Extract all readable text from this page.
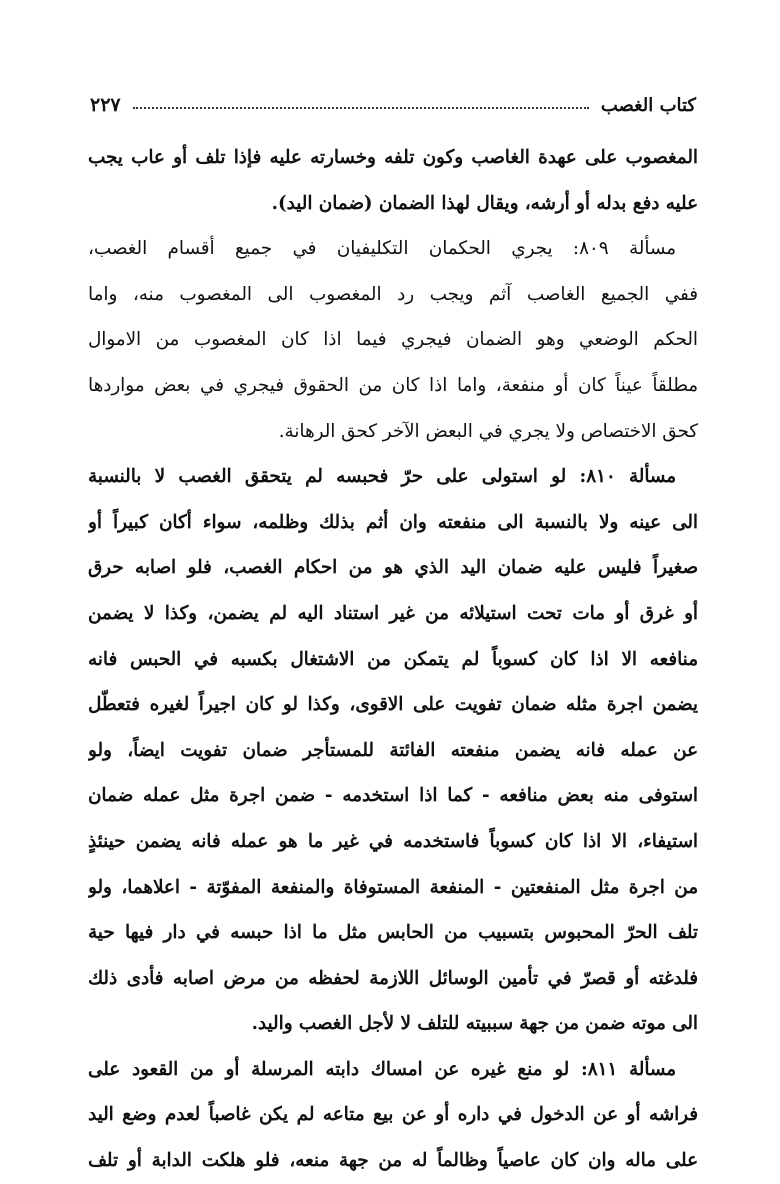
كتاب الغصب
٢٢٧
المغصوب على عهدة الغاصب وكون تلفه وخسارته عليه فإذا تلف أو عاب يجب
عليه دفع بدله أو أرشه، ويقال لهذا الضمان (ضمان اليد).
مسألة ٨٠٩: يجري الحكمان التكليفيان في جميع أقسام الغصب،
ففي الجميع الغاصب آثم ويجب رد المغصوب الى المغصوب منه، واما
الحكم الوضعي وهو الضمان فيجري فيما اذا كان المغصوب من الاموال
مطلقاً عيناً كان أو منفعة، واما اذا كان من الحقوق فيجري في بعض مواردها
كحق الاختصاص ولا يجري في البعض الآخر كحق الرهانة.
مسألة ٨١٠: لو استولى على حرّ فحبسه لم يتحقق الغصب لا بالنسبة
الى عينه ولا بالنسبة الى منفعته وان أثم بذلك وظلمه، سواء أكان كبيراً أو
صغيراً فليس عليه ضمان اليد الذي هو من احكام الغصب، فلو اصابه حرق
أو غرق أو مات تحت استيلائه من غير استناد اليه لم يضمن، وكذا لا يضمن
منافعه الا اذا كان كسوباً لم يتمكن من الاشتغال بكسبه في الحبس فانه
يضمن اجرة مثله ضمان تفويت على الاقوى، وكذا لو كان اجيراً لغيره فتعطّل
عن عمله فانه يضمن منفعته الفائتة للمستأجر ضمان تفويت ايضاً، ولو
استوفى منه بعض منافعه - كما اذا استخدمه - ضمن اجرة مثل عمله ضمان
استيفاء، الا اذا كان كسوباً فاستخدمه في غير ما هو عمله فانه يضمن حينئذٍ
من اجرة مثل المنفعتين - المنفعة المستوفاة والمنفعة المفوّتة - اعلاهما، ولو
تلف الحرّ المحبوس بتسبيب من الحابس مثل ما اذا حبسه في دار فيها حية
فلدغته أو قصرّ في تأمين الوسائل اللازمة لحفظه من مرض اصابه فأدى ذلك
الى موته ضمن من جهة سببيته للتلف لا لأجل الغصب واليد.
مسألة ٨١١: لو منع غيره عن امساك دابته المرسلة أو من القعود على
فراشه أو عن الدخول في داره أو عن بيع متاعه لم يكن غاصباً لعدم وضع اليد
على ماله وان كان عاصياً وظالماً له من جهة منعه، فلو هلكت الدابة أو تلف
